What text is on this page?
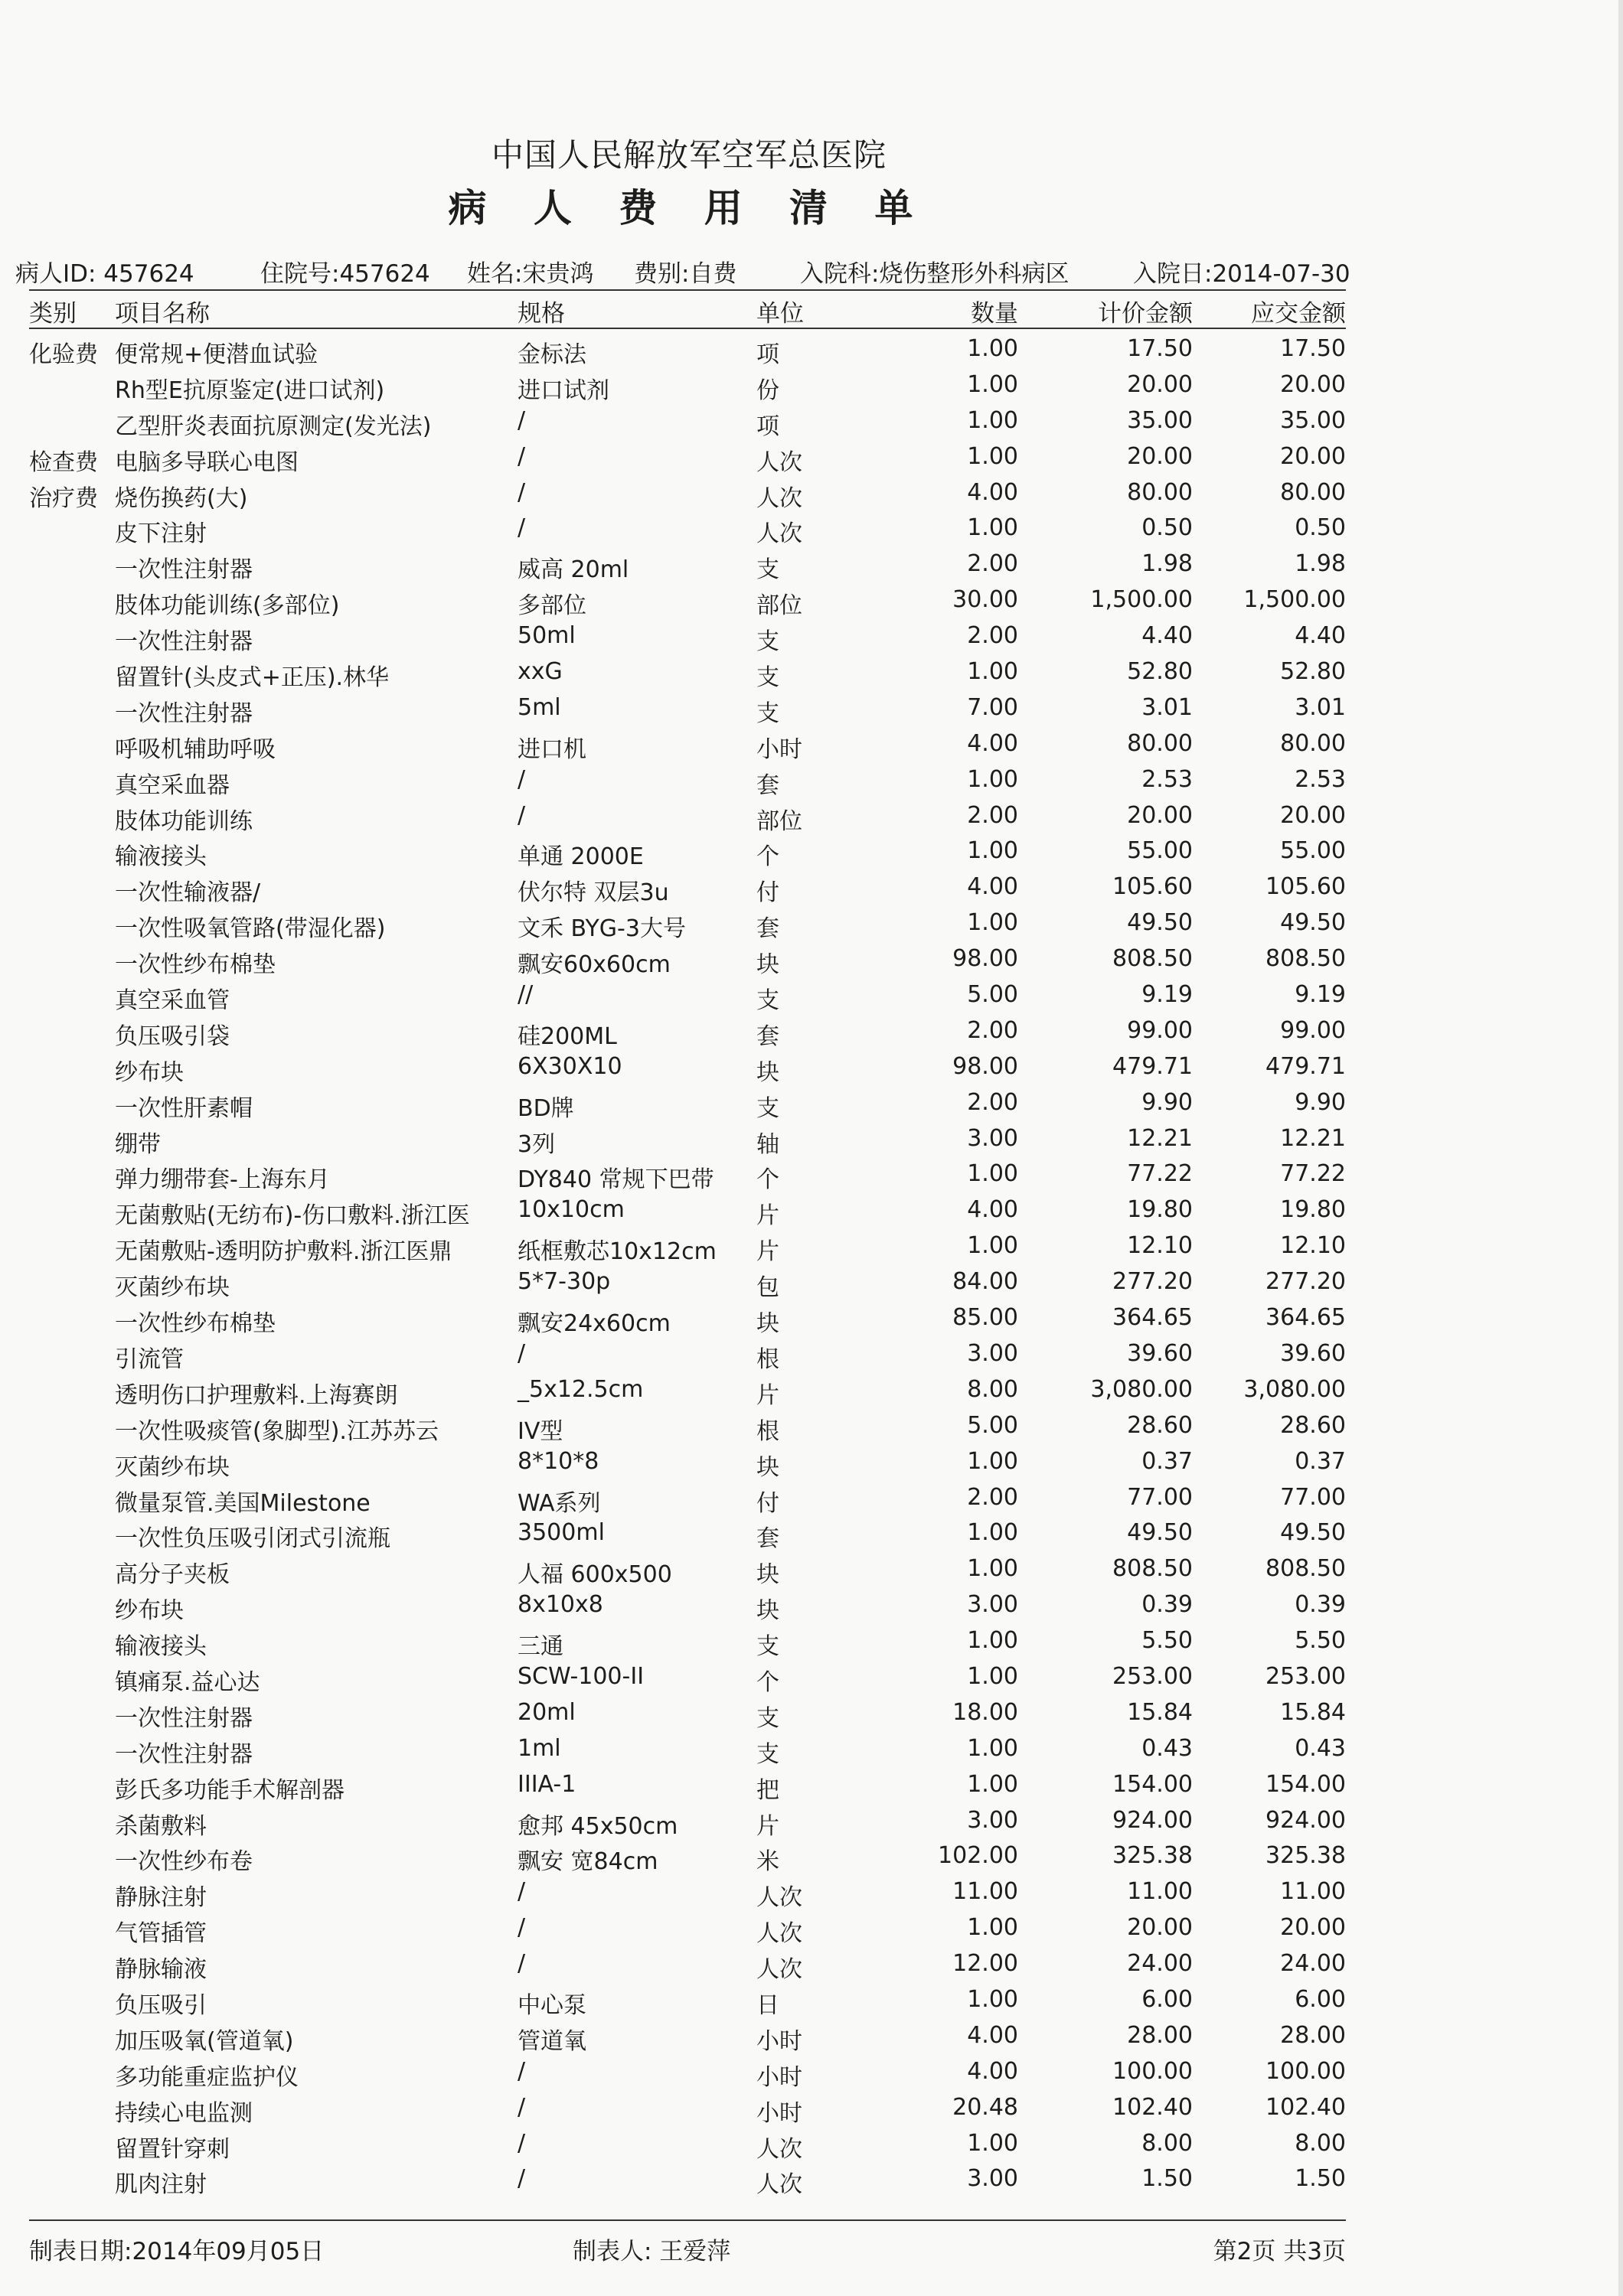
中国人民解放军空军总医院
病 人 费 用 清 单
病人ID: 457624	住院号:457624 姓名:宋贵鸿 费别:自费	入院科:烧伤整形外科病区	入院日:2014-07-30
类别 项目名称	规格	单位	数量	计价金额 应交金额
化验费 便常规+便潜血试验	金标法	项	1.00	17.50	17.50
Rh型E抗原鉴定(进口试剂)	进口试剂	份	1.00	20.00	20.00
乙型肝炎表面抗原测定(发光法)	/	项	1.00	35.00	35.00
检查费 电脑多导联心电图	/	人次	1.00	20.00	20.00
治疗费 烧伤换药(大)	/	人次	4.00	80.00	80.00
皮下注射	/	人次	1.00	0.50	0.50
一次性注射器	威高 20ml	支	2.00	1.98	1.98
肢体功能训练(多部位)	多部位	部位	30.00	1,500.00 1,500.00
一次性注射器	50ml	支	2.00	4.40	4.40
留置针(头皮式+正压).林华	xxG	支	1.00	52.80	52.80
一次性注射器	5ml	支	7.00	3.01	3.01
呼吸机辅助呼吸	进口机	小时	4.00	80.00	80.00
真空采血器	/	套	1.00	2.53	2.53
肢体功能训练	/	部位	2.00	20.00	20.00
输液接头	单通 2000E	个	1.00	55.00	55.00
一次性输液器/	伏尔特 双层3u	付	4.00	105.60	105.60
一次性吸氧管路(带湿化器)	文禾 BYG-3大号	套	1.00	49.50	49.50
一次性纱布棉垫	飘安60x60cm	块	98.00	808.50	808.50
真空采血管	//	支	5.00	9.19	9.19
负压吸引袋	硅200ML	套	2.00	99.00	99.00
纱布块	6X30X10	块	98.00	479.71	479.71
一次性肝素帽	BD牌	支	2.00	9.90	9.90
绷带	3列	轴	3.00	12.21	12.21
弹力绷带套-上海东月	DY840 常规下巴带 个	1.00	77.22	77.22
无菌敷贴(无纺布)-伤口敷料.浙江医 10x10cm	片	4.00	19.80	19.80
无菌敷贴-透明防护敷料.浙江医鼎	纸框敷芯10x12cm 片	1.00	12.10	12.10
灭菌纱布块	5*7-30p	包	84.00	277.20	277.20
一次性纱布棉垫	飘安24x60cm	块	85.00	364.65	364.65
引流管	/	根	3.00	39.60	39.60
透明伤口护理敷料.上海赛朗	_5x12.5cm	片	8.00	3,080.00 3,080.00
一次性吸痰管(象脚型).江苏苏云	IV型	根	5.00	28.60	28.60
灭菌纱布块	8*10*8	块	1.00	0.37	0.37
微量泵管.美国Milestone	WA系列	付	2.00	77.00	77.00
一次性负压吸引闭式引流瓶	3500ml	套	1.00	49.50	49.50
高分子夹板	人福 600x500	块	1.00	808.50	808.50
纱布块	8x10x8	块	3.00	0.39	0.39
输液接头	三通	支	1.00	5.50	5.50
镇痛泵.益心达	SCW-100-II	个	1.00	253.00	253.00
一次性注射器	20ml	支	18.00	15.84	15.84
一次性注射器	1ml	支	1.00	0.43	0.43
彭氏多功能手术解剖器	IIIA-1	把	1.00	154.00	154.00
杀菌敷料	愈邦 45x50cm	片	3.00	924.00	924.00
一次性纱布卷	飘安 宽84cm	米	102.00	325.38	325.38
静脉注射	/	人次	11.00	11.00	11.00
气管插管	/	人次	1.00	20.00	20.00
静脉输液	/	人次	12.00	24.00	24.00
负压吸引	中心泵	日	1.00	6.00	6.00
加压吸氧(管道氧)	管道氧	小时	4.00	28.00	28.00
多功能重症监护仪	/	小时	4.00	100.00	100.00
持续心电监测	/	小时	20.48	102.40	102.40
留置针穿刺	/	人次	1.00	8.00	8.00
肌肉注射	/	人次	3.00	1.50	1.50
制表日期:2014年09月05日	制表人: 王爱萍	第2页 共3页
